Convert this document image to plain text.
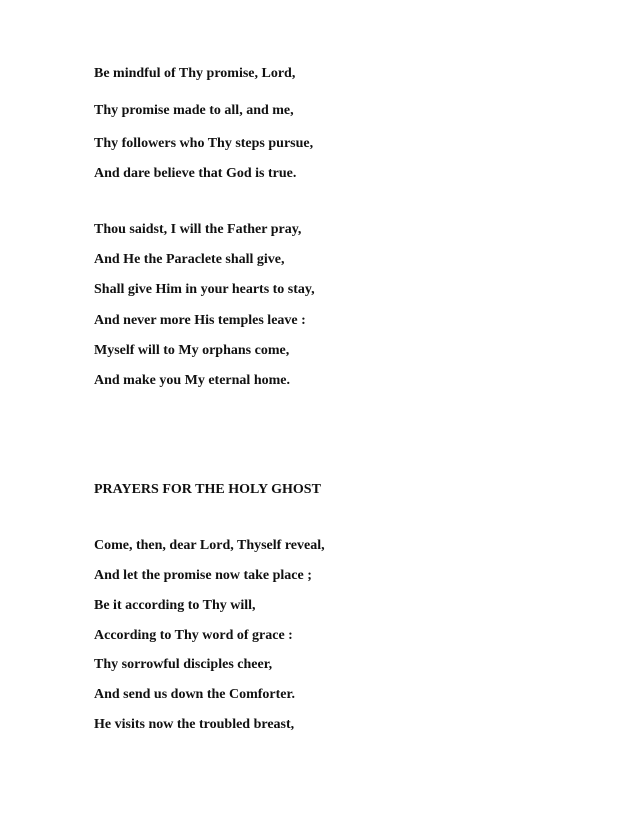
Be mindful of Thy promise, Lord,

Thy promise made to all, and me,

Thy followers who Thy steps pursue,

And dare believe that God is true.

Thou saidst, I will the Father pray,

And He the Paraclete shall give,

Shall give Him in your hearts to stay,

And never more His temples leave :

Myself will to My orphans come,

And make you My eternal home.

PRAYERS FOR THE HOLY GHOST

Come, then, dear Lord, Thyself reveal,

And let the promise now take place ;

Be it according to Thy will,

According to Thy word of grace :

Thy sorrowful disciples cheer,

And send us down the Comforter.

He visits now the troubled breast,
